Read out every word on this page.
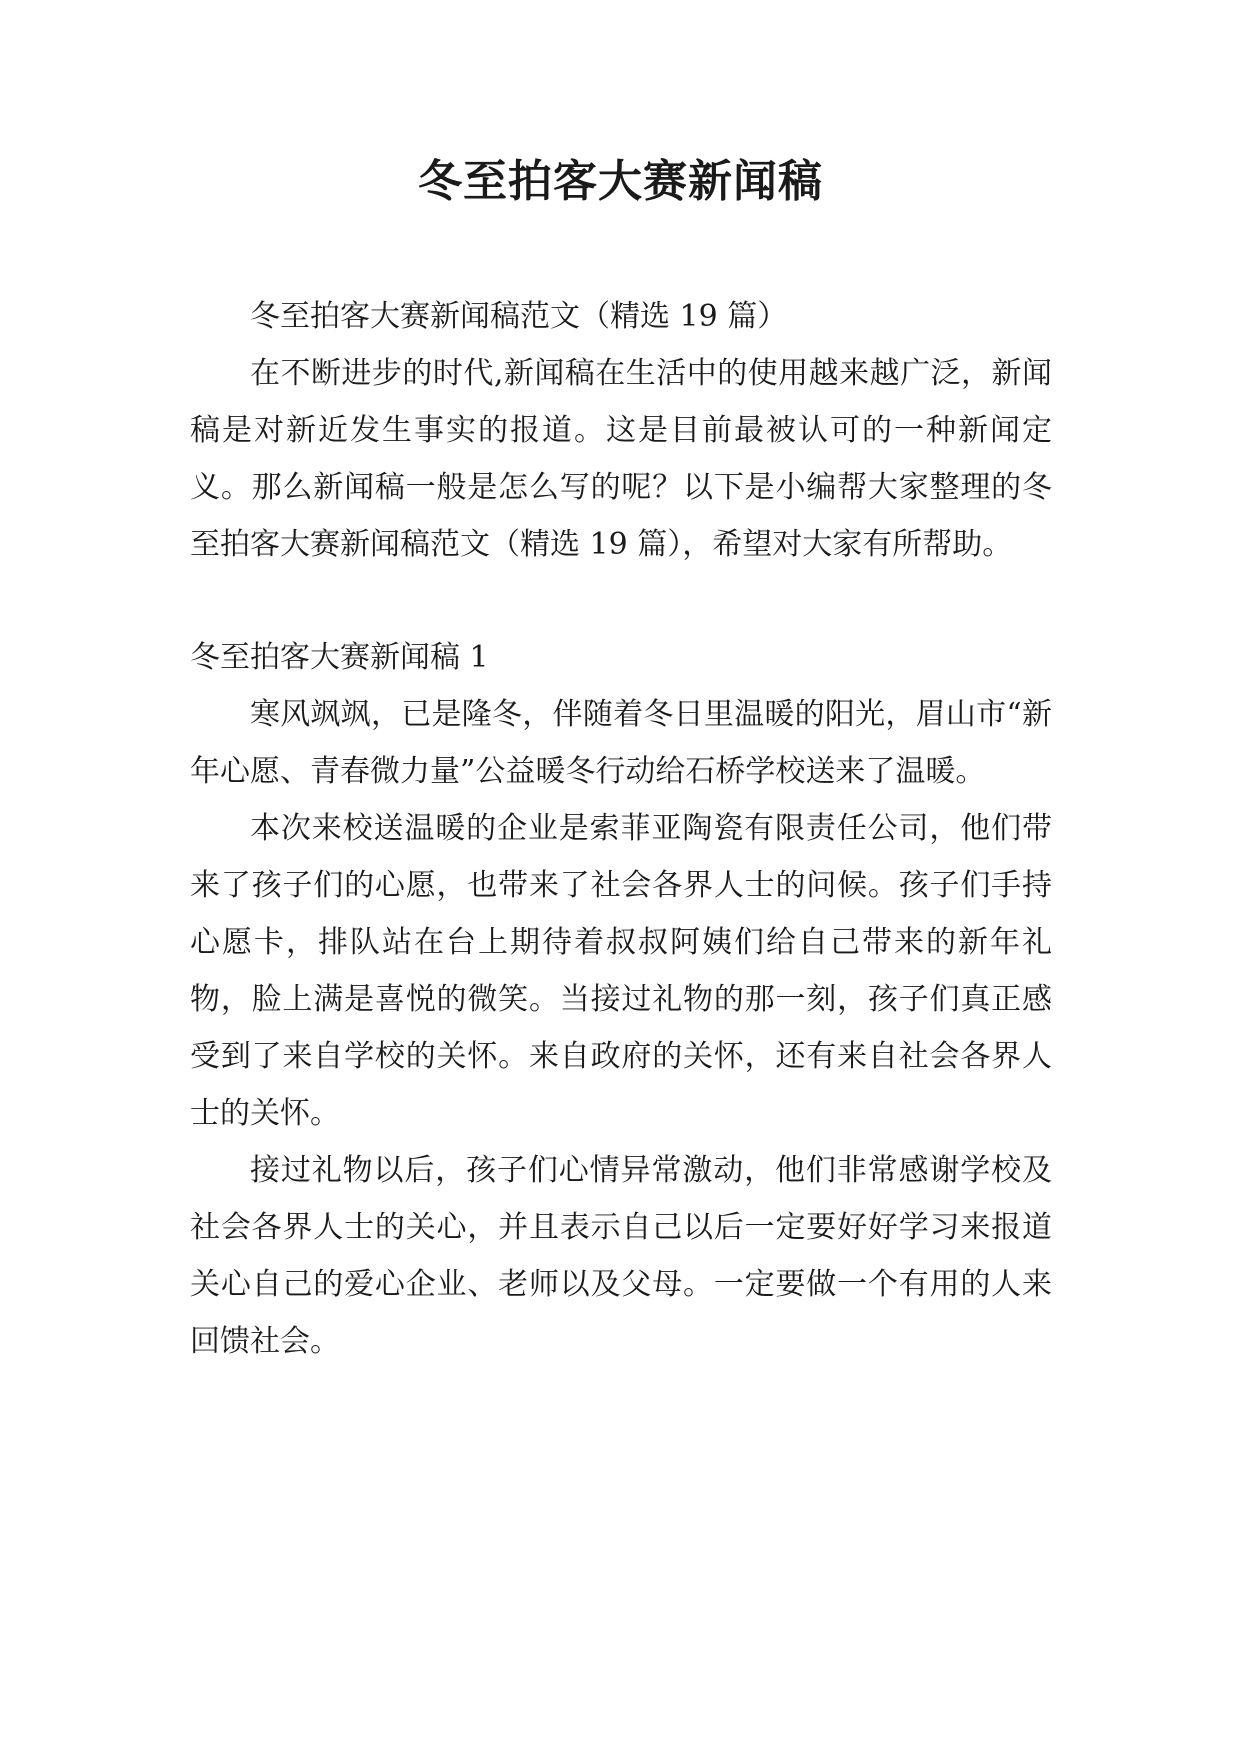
冬至拍客大赛新闻稿

冬至拍客大赛新闻稿范文（精选 19 篇）

在不断进步的时代,新闻稿在生活中的使用越来越广泛，新闻稿是对新近发生事实的报道。这是目前最被认可的一种新闻定义。那么新闻稿一般是怎么写的呢？以下是小编帮大家整理的冬至拍客大赛新闻稿范文（精选 19 篇），希望对大家有所帮助。

冬至拍客大赛新闻稿 1

寒风飒飒，已是隆冬，伴随着冬日里温暖的阳光，眉山市“新年心愿、青春微力量”公益暖冬行动给石桥学校送来了温暖。

本次来校送温暖的企业是索菲亚陶瓷有限责任公司，他们带来了孩子们的心愿，也带来了社会各界人士的问候。孩子们手持心愿卡，排队站在台上期待着叔叔阿姨们给自己带来的新年礼物，脸上满是喜悦的微笑。当接过礼物的那一刻，孩子们真正感受到了来自学校的关怀。来自政府的关怀，还有来自社会各界人士的关怀。

接过礼物以后，孩子们心情异常激动，他们非常感谢学校及社会各界人士的关心，并且表示自己以后一定要好好学习来报道关心自己的爱心企业、老师以及父母。一定要做一个有用的人来回馈社会。
